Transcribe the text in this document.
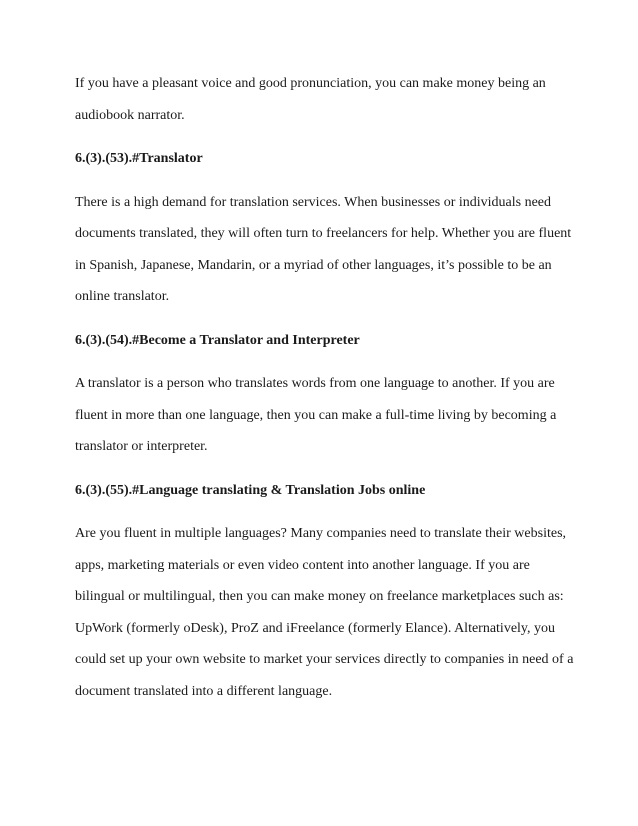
If you have a pleasant voice and good pronunciation, you can make money being an audiobook narrator.

6.(3).(53).#Translator

There is a high demand for translation services. When businesses or individuals need documents translated, they will often turn to freelancers for help. Whether you are fluent in Spanish, Japanese, Mandarin, or a myriad of other languages, it’s possible to be an online translator.

6.(3).(54).#Become a Translator and Interpreter

A translator is a person who translates words from one language to another. If you are fluent in more than one language, then you can make a full-time living by becoming a translator or interpreter.

6.(3).(55).#Language translating & Translation Jobs online

Are you fluent in multiple languages? Many companies need to translate their websites, apps, marketing materials or even video content into another language. If you are bilingual or multilingual, then you can make money on freelance marketplaces such as: UpWork (formerly oDesk), ProZ and iFreelance (formerly Elance). Alternatively, you could set up your own website to market your services directly to companies in need of a document translated into a different language.
